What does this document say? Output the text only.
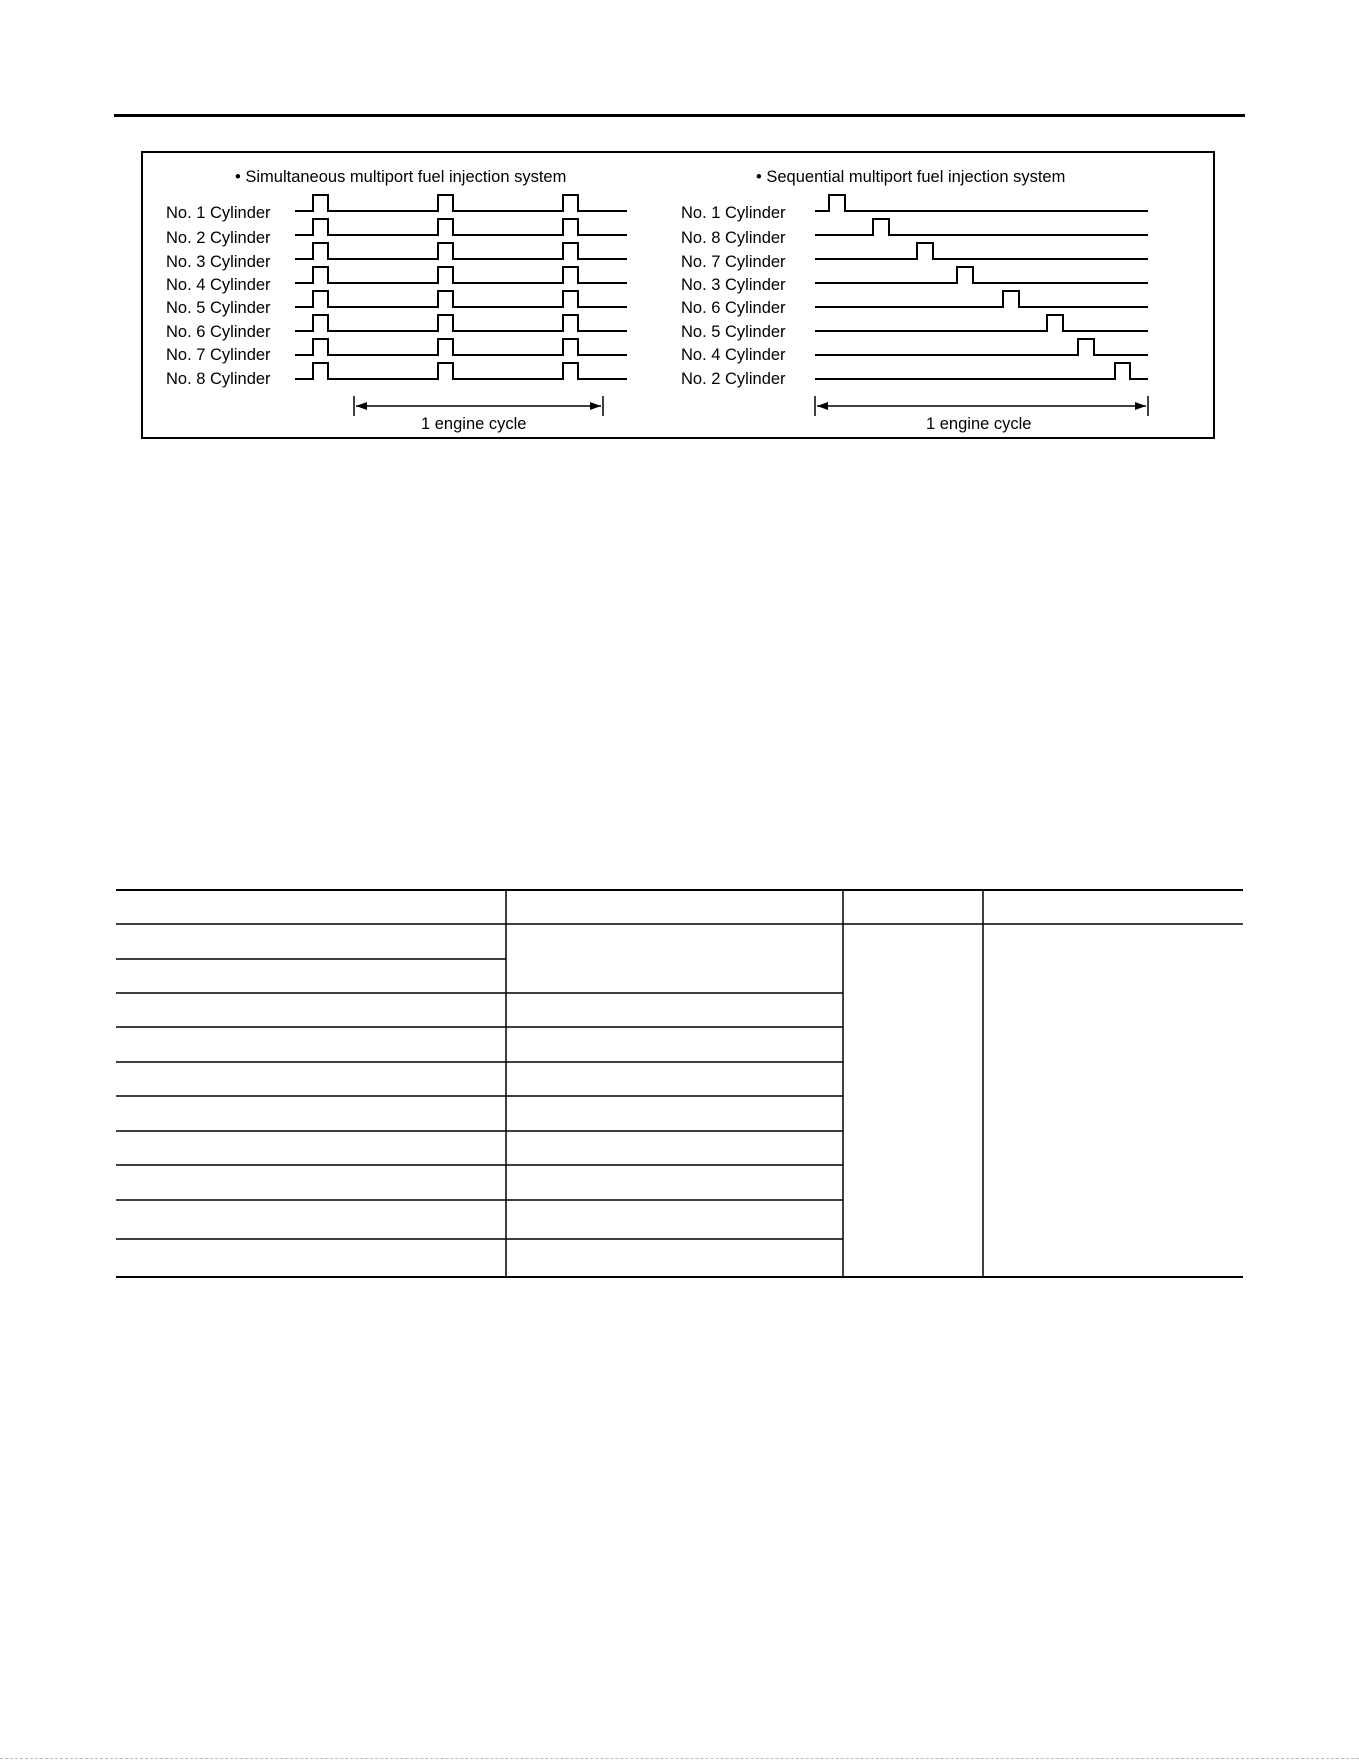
• Simultaneous multiport fuel injection system	• Sequential multiport fuel injection system
No. 1 Cylinder
No. 2 Cylinder
No. 3 Cylinder
No. 4 Cylinder
No. 5 Cylinder
No. 6 Cylinder
No. 7 Cylinder
No. 8 Cylinder
No. 1 Cylinder
No. 8 Cylinder
No. 7 Cylinder
No. 3 Cylinder
No. 6 Cylinder
No. 5 Cylinder
No. 4 Cylinder
No. 2 Cylinder
1 engine cycle	1 engine cycle
